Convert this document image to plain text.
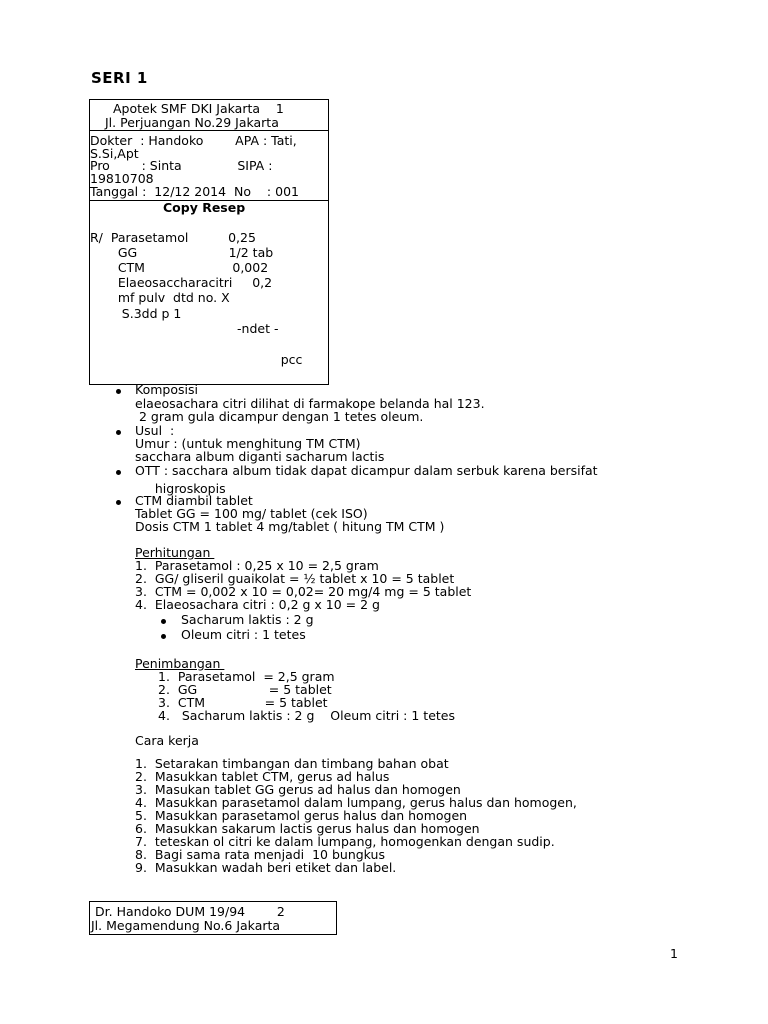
SERI 1
Apotek SMF DKI Jakarta    1
Jl. Perjuangan No.29 Jakarta
Dokter  : Handoko        APA : Tati,
S.Si,Apt
Pro        : Sinta              SIPA :
19810708
Tanggal :  12/12 2014  No    : 001
Copy Resep
R/  Parasetamol          0,25
GG                       1/2 tab
CTM                      0,002
Elaeosaccharacitri     0,2
mf pulv  dtd no. X
S.3dd p 1
-ndet -
pcc
Komposisi
elaeosachara citri dilihat di farmakope belanda hal 123.
2 gram gula dicampur dengan 1 tetes oleum.
Usul  :
Umur : (untuk menghitung TM CTM)
saccharа album diganti sacharum lactis
OTT : sacchara album tidak dapat dicampur dalam serbuk karena bersifat
higroskopis
CTM diambil tablet
Tablet GG = 100 mg/ tablet (cek ISO)
Dosis CTM 1 tablet 4 mg/tablet ( hitung TM CTM )
Perhitungan
1.  Parasetamol : 0,25 x 10 = 2,5 gram
2.  GG/ gliseril guaikolat = ½ tablet x 10 = 5 tablet
3.  CTM = 0,002 x 10 = 0,02= 20 mg/4 mg = 5 tablet
4.  Elaeosachara citri : 0,2 g x 10 = 2 g
Sacharum laktis : 2 g
Oleum citri : 1 tetes
Penimbangan
1.  Parasetamol  = 2,5 gram
2.  GG                  = 5 tablet
3.  CTM               = 5 tablet
4.   Sacharum laktis : 2 g    Oleum citri : 1 tetes
Cara kerja
1.  Setarakan timbangan dan timbang bahan obat
2.  Masukkan tablet CTM, gerus ad halus
3.  Masukan tablet GG gerus ad halus dan homogen
4.  Masukkan parasetamol dalam lumpang, gerus halus dan homogen,
5.  Masukkan parasetamol gerus halus dan homogen
6.  Masukkan sakarum lactis gerus halus dan homogen
7.  teteskan ol citri ke dalam lumpang, homogenkan dengan sudip.
8.  Bagi sama rata menjadi  10 bungkus
9.  Masukkan wadah beri etiket dan label.
Dr. Handoko DUM 19/94        2
Jl. Megamendung No.6 Jakarta
1
